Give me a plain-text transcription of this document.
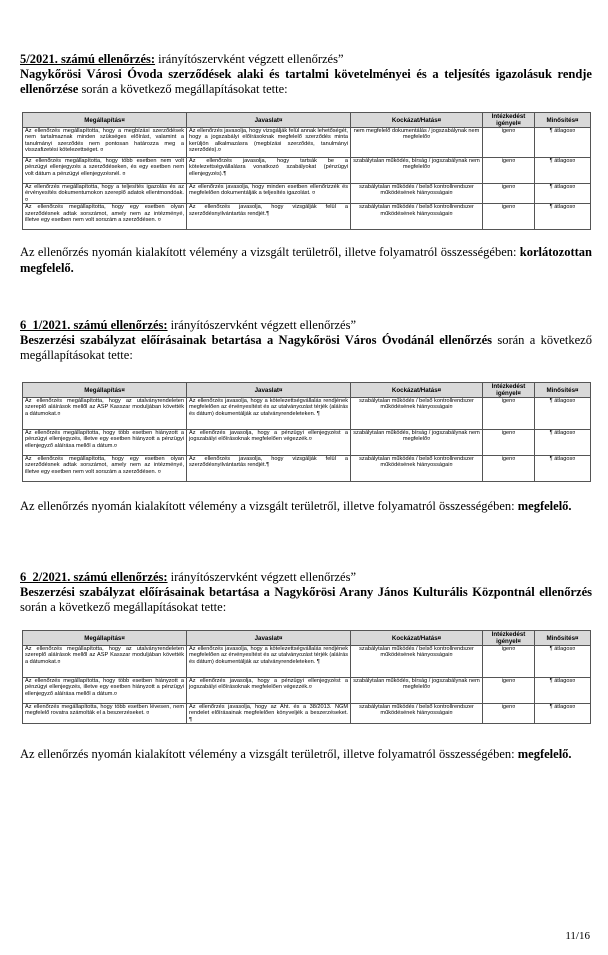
5/2021. számú ellenőrzés: irányítószervként végzett ellenőrzés”

Nagykőrösi Városi Óvoda szerződések alaki és tartalmi követelményei és a teljesítés igazolásuk rendje ellenőrzése során a következő megállapításokat tette:

Megállapítás¤	Javaslat¤	Kockázat/Hatás¤	Intézkedést igényel¤	Minősítés¤
Az ellenőrzés megállapította, hogy a megbízási szerződések nem tartalmaznak minden szükséges előírást, valamint a tanulmányi szerződés nem pontosan határozza meg a visszafizetési kötelezettséget. ¤	Az ellenőrzés javasolja, hogy vizsgálják felül annak lehetőségét, hogy a jogszabályi előírásoknak megfelelő szerződés minta kerüljön alkalmazásra (megbízási szerződés, tanulmányi szerződés).¤	nem megfelelő dokumentálás / jogszabálynak nem megfelelő¤	igen¤	¶ átlagos¤
Az ellenőrzés megállapította, hogy több esetben nem volt pénzügyi ellenjegyzés a szerződéseken, és egy esetben nem volt dátum a pénzügyi ellenjegyzésnél. ¤	Az ellenőrzés javasolja, hogy tartsák be a kötelezettségvállalásra vonatkozó szabályokat (pénzügyi ellenjegyzés).¶	szabálytalan működés, bírság / jogszabálynak nem megfelelő¤	igen¤	¶ átlagos¤
Az ellenőrzés megállapította, hogy a teljesítés igazolás és az érvényesítés dokumentumokon szereplő adatok ellentmondóak. ¤	Az ellenőrzés javasolja, hogy minden esetben ellenőrizzék és megfelelően dokumentálják a teljesítés igazolást. ¤	szabálytalan működés / belső kontrollrendszer működésének hiányosságai¤	igen¤	¶ átlagos¤
Az ellenőrzés megállapította, hogy egy esetben olyan szerződésnek adtak sorszámot, amely nem az intézményé, illetve egy esetben nem volt sorszám a szerződésen. ¤	Az ellenőrzés javasolja, hogy vizsgálják felül a szerződésnyilvántartás rendjét.¶	szabálytalan működés / belső kontrollrendszer működésének hiányosságai¤	igen¤	¶ átlagos¤

Az ellenőrzés nyomán kialakított vélemény a vizsgált területről, illetve folyamatról összességében: korlátozottan megfelelő.

6_1/2021. számú ellenőrzés: irányítószervként végzett ellenőrzés”

Beszerzési szabályzat előírásainak betartása a Nagykőrösi Város Óvodánál ellenőrzés során a következő megállapításokat tette:

Megállapítás¤	Javaslat¤	Kockázat/Hatás¤	Intézkedést igényel¤	Minősítés¤
Az ellenőrzés megállapította, hogy az utalványrendeleten szereplő aláírások mellől az ASP Kasszar moduljában követték a dátumokat.¤	Az ellenőrzés javasolja, hogy a kötelezettségvállalás rendjének megfelelően az érvényesítést és az utalványozást térjék (aláírás és dátum) dokumentálják az utalványrendeleteken. ¶	szabálytalan működés / belső kontrollrendszer működésének hiányosságai¤	igen¤	¶ átlagos¤
Az ellenőrzés megállapította, hogy több esetben hiányzott a pénzügyi ellenjegyzés, illetve egy esetben hiányzott a pénzügyi ellenjegyző aláírása mellől a dátum.¤	Az ellenőrzés javasolja, hogy a pénzügyi ellenjegyzést a jogszabályi előírásoknak megfelelően végezzék.¤	szabálytalan működés, bírság / jogszabálynak nem megfelelő¤	igen¤	¶ átlagos¤
Az ellenőrzés megállapította, hogy egy esetben olyan szerződésnek adtak sorszámot, amely nem az intézményé, illetve egy esetben nem volt sorszám a szerződésen. ¤	Az ellenőrzés javasolja, hogy vizsgálják felül a szerződésnyilvántartás rendjét.¶	szabálytalan működés / belső kontrollrendszer működésének hiányosságai¤	igen¤	¶ átlagos¤

Az ellenőrzés nyomán kialakított vélemény a vizsgált területről, illetve folyamatról összességében: megfelelő.

6_2/2021. számú ellenőrzés: irányítószervként végzett ellenőrzés”

Beszerzési szabályzat előírásainak betartása a Nagykőrösi Arany János Kulturális Központnál ellenőrzés során a következő megállapításokat tette:

Megállapítás¤	Javaslat¤	Kockázat/Hatás¤	Intézkedést igényel¤	Minősítés¤
Az ellenőrzés megállapította, hogy az utalványrendeleten szereplő aláírások mellől az ASP Kasszar moduljában követték a dátumokat.¤	Az ellenőrzés javasolja, hogy a kötelezettségvállalás rendjének megfelelően az érvényesítést és az utalványozást térjék (aláírás és dátum) dokumentálják az utalványrendeleteken. ¶	szabálytalan működés / belső kontrollrendszer működésének hiányosságai¤	igen¤	¶ átlagos¤
Az ellenőrzés megállapította, hogy több esetben hiányzott a pénzügyi ellenjegyzés, illetve egy esetben hiányzott a pénzügyi ellenjegyző aláírása mellől a dátum.¤	Az ellenőrzés javasolja, hogy a pénzügyi ellenjegyzést a jogszabályi előírásoknak megfelelően végezzék.¤	szabálytalan működés, bírság / jogszabálynak nem megfelelő¤	igen¤	¶ átlagos¤
Az ellenőrzés megállapította, hogy több esetben lévesen, nem megfelelő rovatra számolták el a beszerzéseket. ¤	Az ellenőrzés javasolja, hogy az Áht. és a 38/2013. NGM rendelet előírásainak megfelelően könyveljék a beszerzéseket. ¶	szabálytalan működés / belső kontrollrendszer működésének hiányosságai¤	igen¤	¶ átlagos¤

Az ellenőrzés nyomán kialakított vélemény a vizsgált területről, illetve folyamatról összességében: megfelelő.

11/16
